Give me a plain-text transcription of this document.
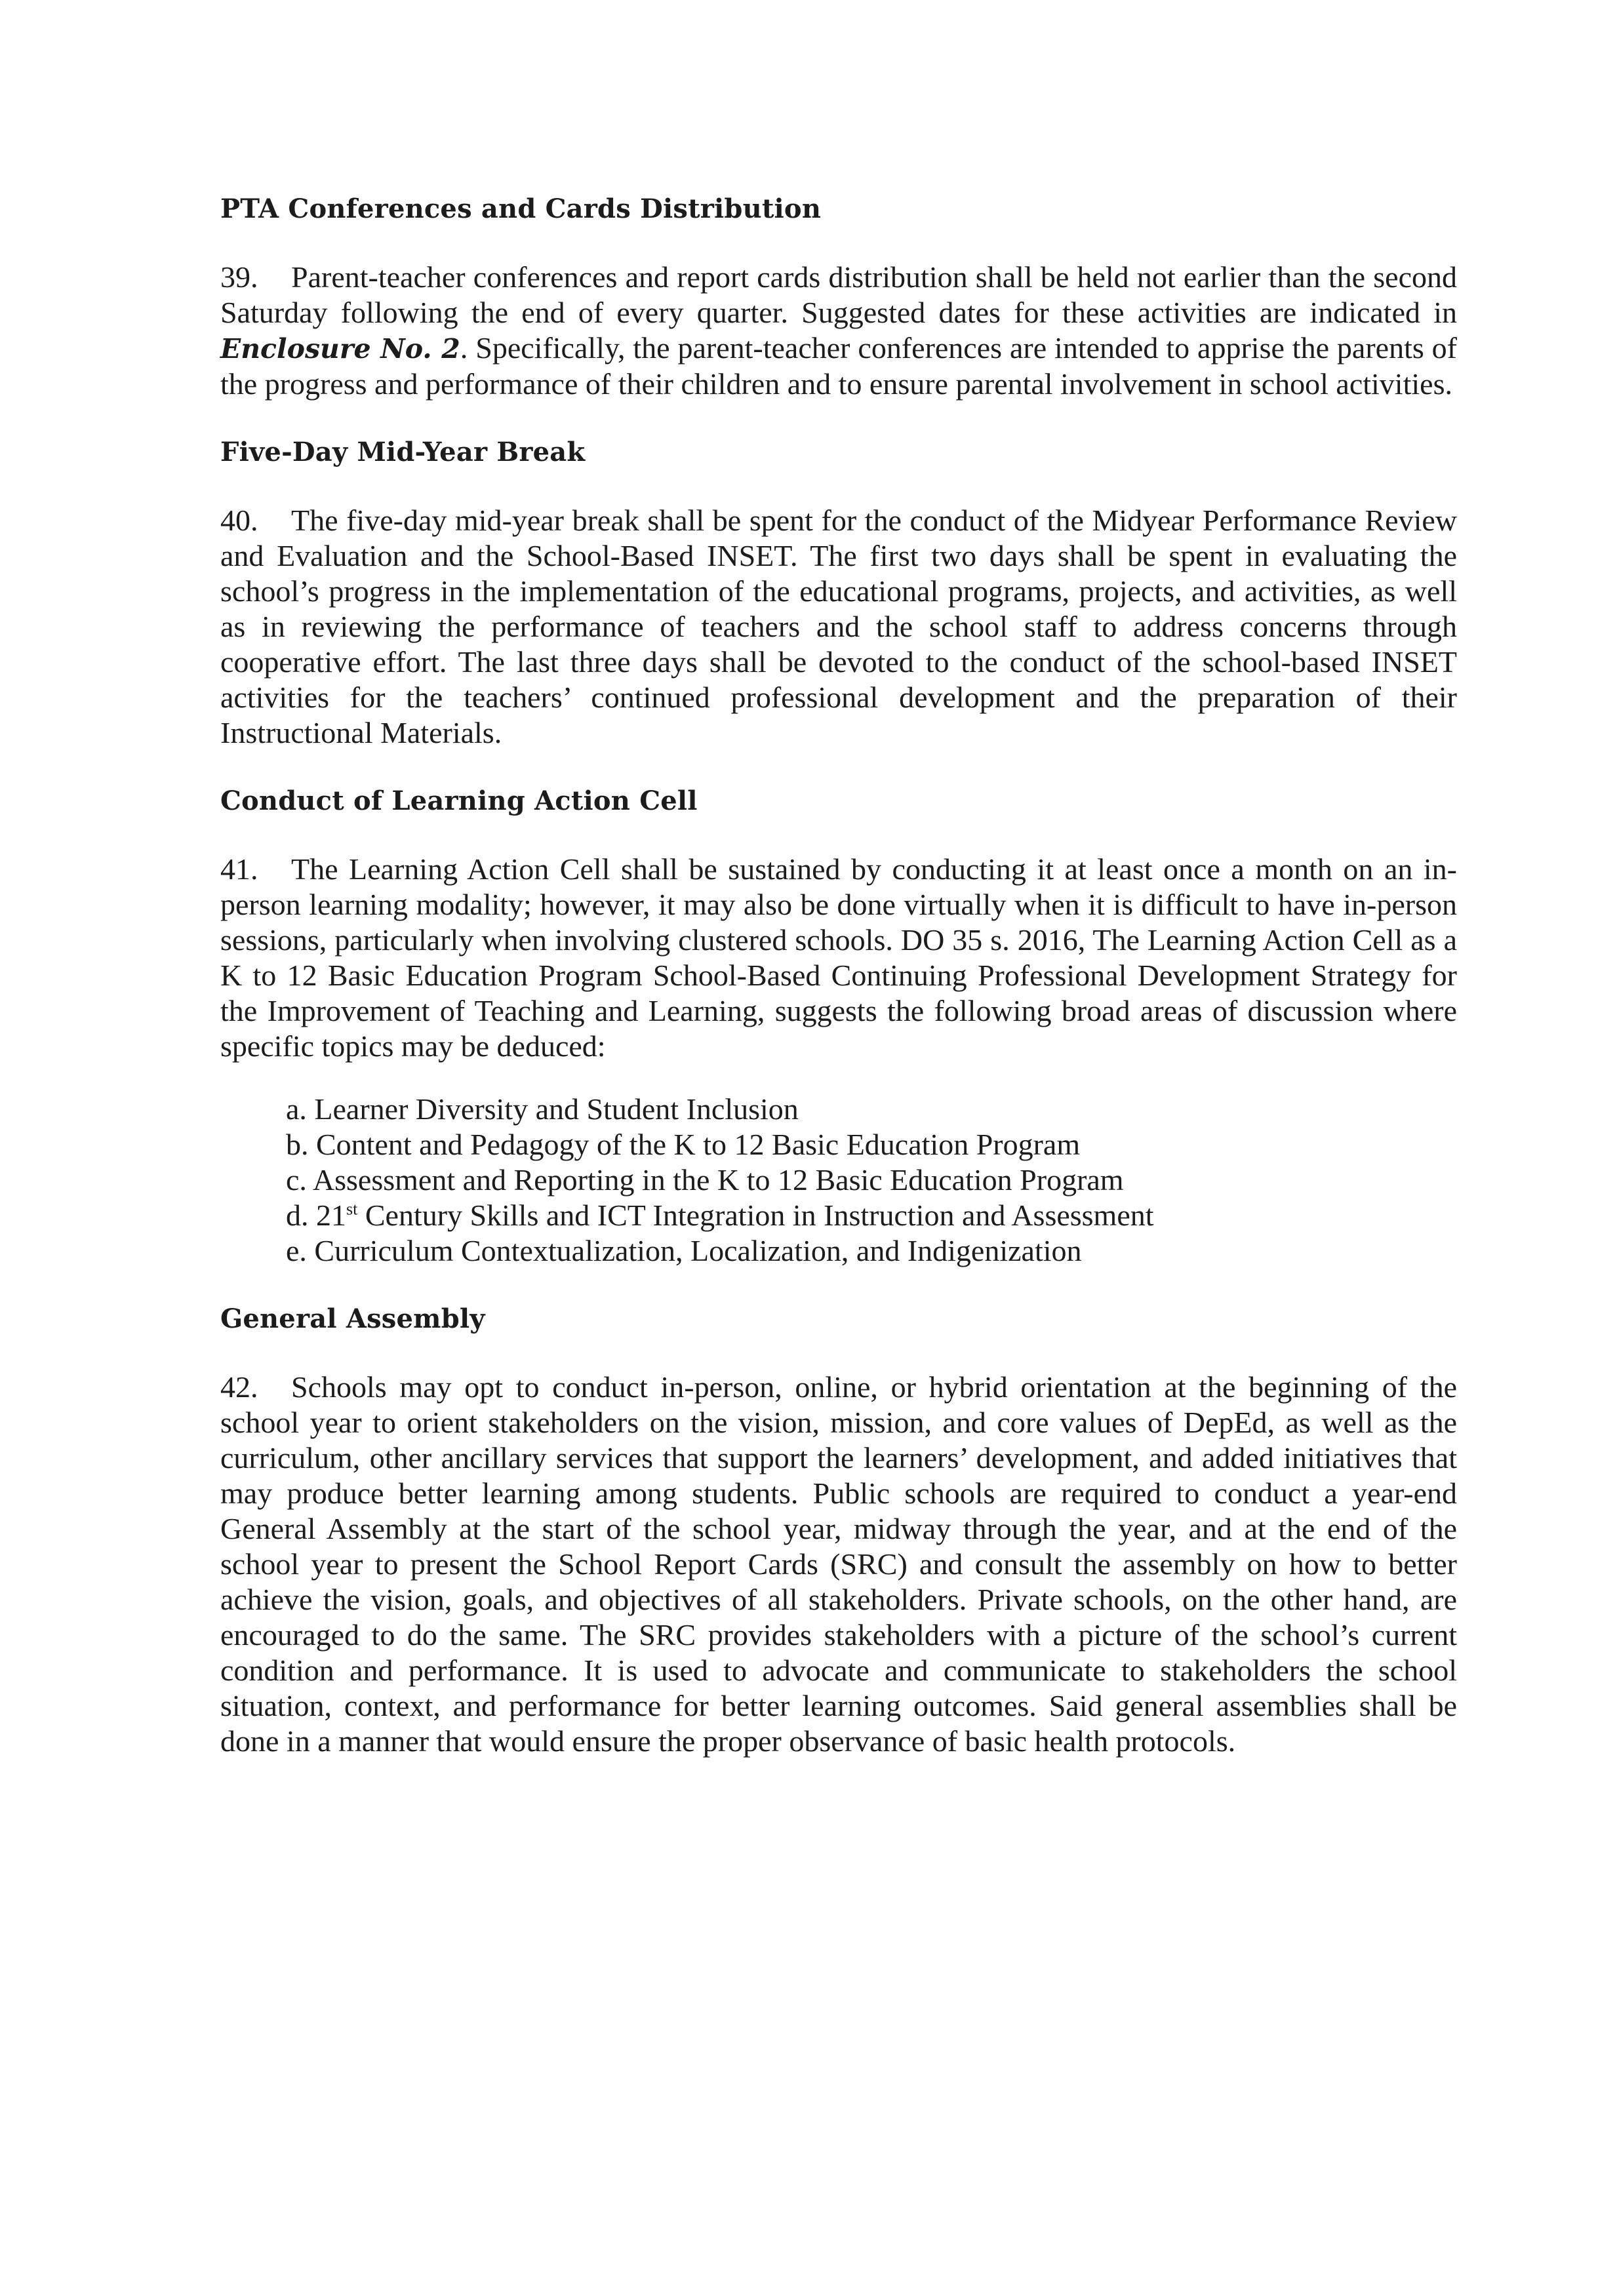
PTA Conferences and Cards Distribution

39. Parent-teacher conferences and report cards distribution shall be held not earlier than the second Saturday following the end of every quarter. Suggested dates for these activities are indicated in Enclosure No. 2. Specifically, the parent-teacher conferences are intended to apprise the parents of the progress and performance of their children and to ensure parental involvement in school activities.

Five-Day Mid-Year Break

40. The five-day mid-year break shall be spent for the conduct of the Midyear Performance Review and Evaluation and the School-Based INSET. The first two days shall be spent in evaluating the school’s progress in the implementation of the educational programs, projects, and activities, as well as in reviewing the performance of teachers and the school staff to address concerns through cooperative effort. The last three days shall be devoted to the conduct of the school-based INSET activities for the teachers’ continued professional development and the preparation of their Instructional Materials.

Conduct of Learning Action Cell

41. The Learning Action Cell shall be sustained by conducting it at least once a month on an in-person learning modality; however, it may also be done virtually when it is difficult to have in-person sessions, particularly when involving clustered schools. DO 35 s. 2016, The Learning Action Cell as a K to 12 Basic Education Program School-Based Continuing Professional Development Strategy for the Improvement of Teaching and Learning, suggests the following broad areas of discussion where specific topics may be deduced:

a. Learner Diversity and Student Inclusion
b. Content and Pedagogy of the K to 12 Basic Education Program
c. Assessment and Reporting in the K to 12 Basic Education Program
d. 21st Century Skills and ICT Integration in Instruction and Assessment
e. Curriculum Contextualization, Localization, and Indigenization
General Assembly

42. Schools may opt to conduct in-person, online, or hybrid orientation at the beginning of the school year to orient stakeholders on the vision, mission, and core values of DepEd, as well as the curriculum, other ancillary services that support the learners’ development, and added initiatives that may produce better learning among students. Public schools are required to conduct a year-end General Assembly at the start of the school year, midway through the year, and at the end of the school year to present the School Report Cards (SRC) and consult the assembly on how to better achieve the vision, goals, and objectives of all stakeholders. Private schools, on the other hand, are encouraged to do the same. The SRC provides stakeholders with a picture of the school’s current condition and performance. It is used to advocate and communicate to stakeholders the school situation, context, and performance for better learning outcomes. Said general assemblies shall be done in a manner that would ensure the proper observance of basic health protocols.
